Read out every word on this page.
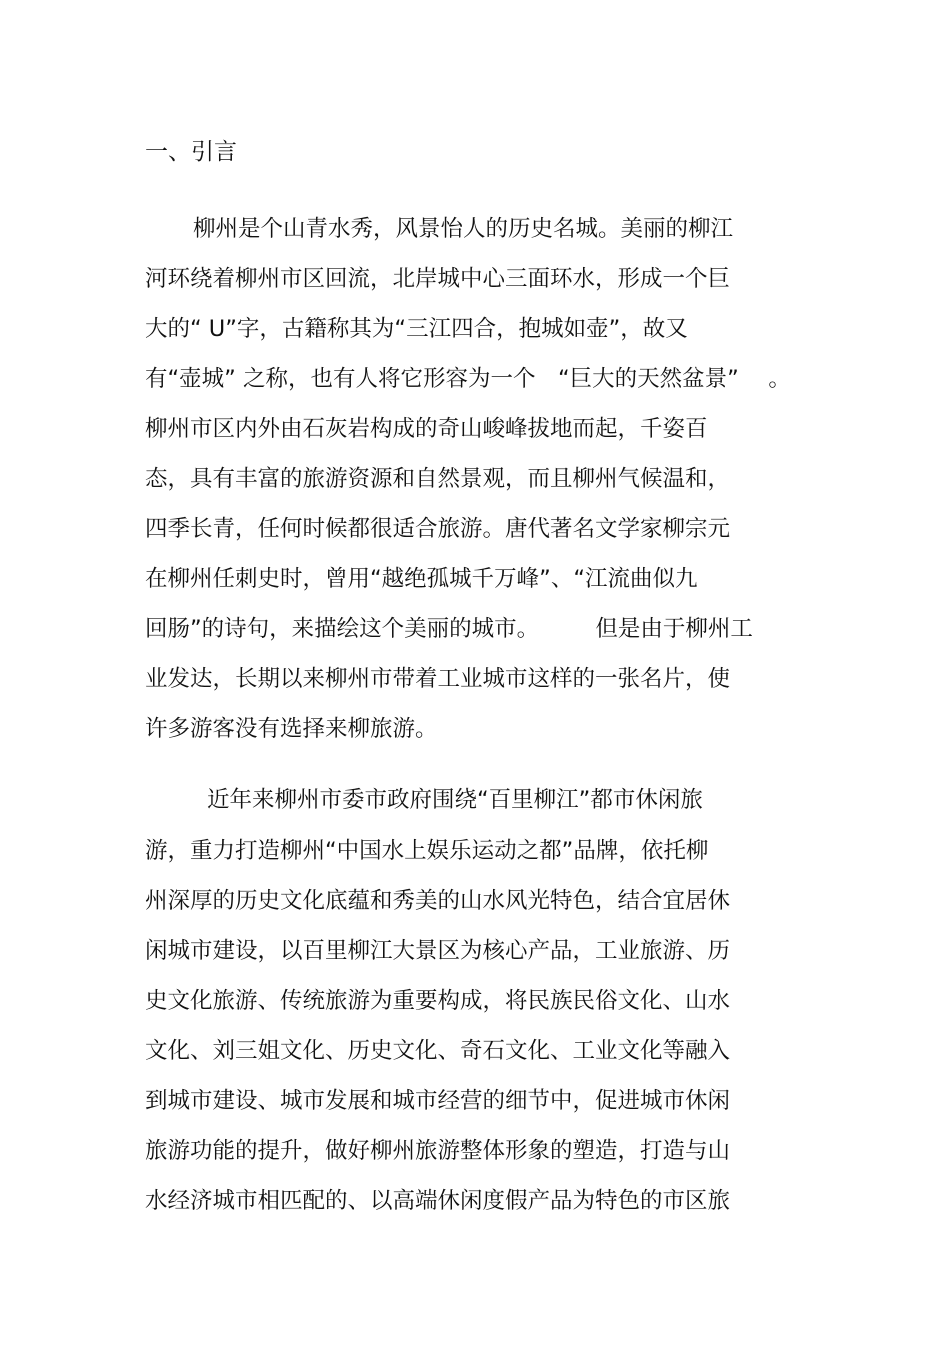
一、引言
柳州是个山青水秀，风景怡人的历史名城。美丽的柳江
河环绕着柳州市区回流，北岸城中心三面环水，形成一个巨
大的“ U”字，古籍称其为“三江四合，抱城如壶”，故又
有“壶城” 之称，也有人将它形容为一个　“巨大的天然盆景”　 。
柳州市区内外由石灰岩构成的奇山峻峰拔地而起，千姿百
态，具有丰富的旅游资源和自然景观，而且柳州气候温和，
四季长青，任何时候都很适合旅游。唐代著名文学家柳宗元
在柳州任刺史时，曾用“越绝孤城千万峰”、“江流曲似九
回肠”的诗句，来描绘这个美丽的城市。　　　但是由于柳州工
业发达，长期以来柳州市带着工业城市这样的一张名片，使
许多游客没有选择来柳旅游。
近年来柳州市委市政府围绕“百里柳江”都市休闲旅
游，重力打造柳州“中国水上娱乐运动之都”品牌，依托柳
州深厚的历史文化底蕴和秀美的山水风光特色，结合宜居休
闲城市建设，以百里柳江大景区为核心产品，工业旅游、历
史文化旅游、传统旅游为重要构成，将民族民俗文化、山水
文化、刘三姐文化、历史文化、奇石文化、工业文化等融入
到城市建设、城市发展和城市经营的细节中，促进城市休闲
旅游功能的提升，做好柳州旅游整体形象的塑造，打造与山
水经济城市相匹配的、以高端休闲度假产品为特色的市区旅
